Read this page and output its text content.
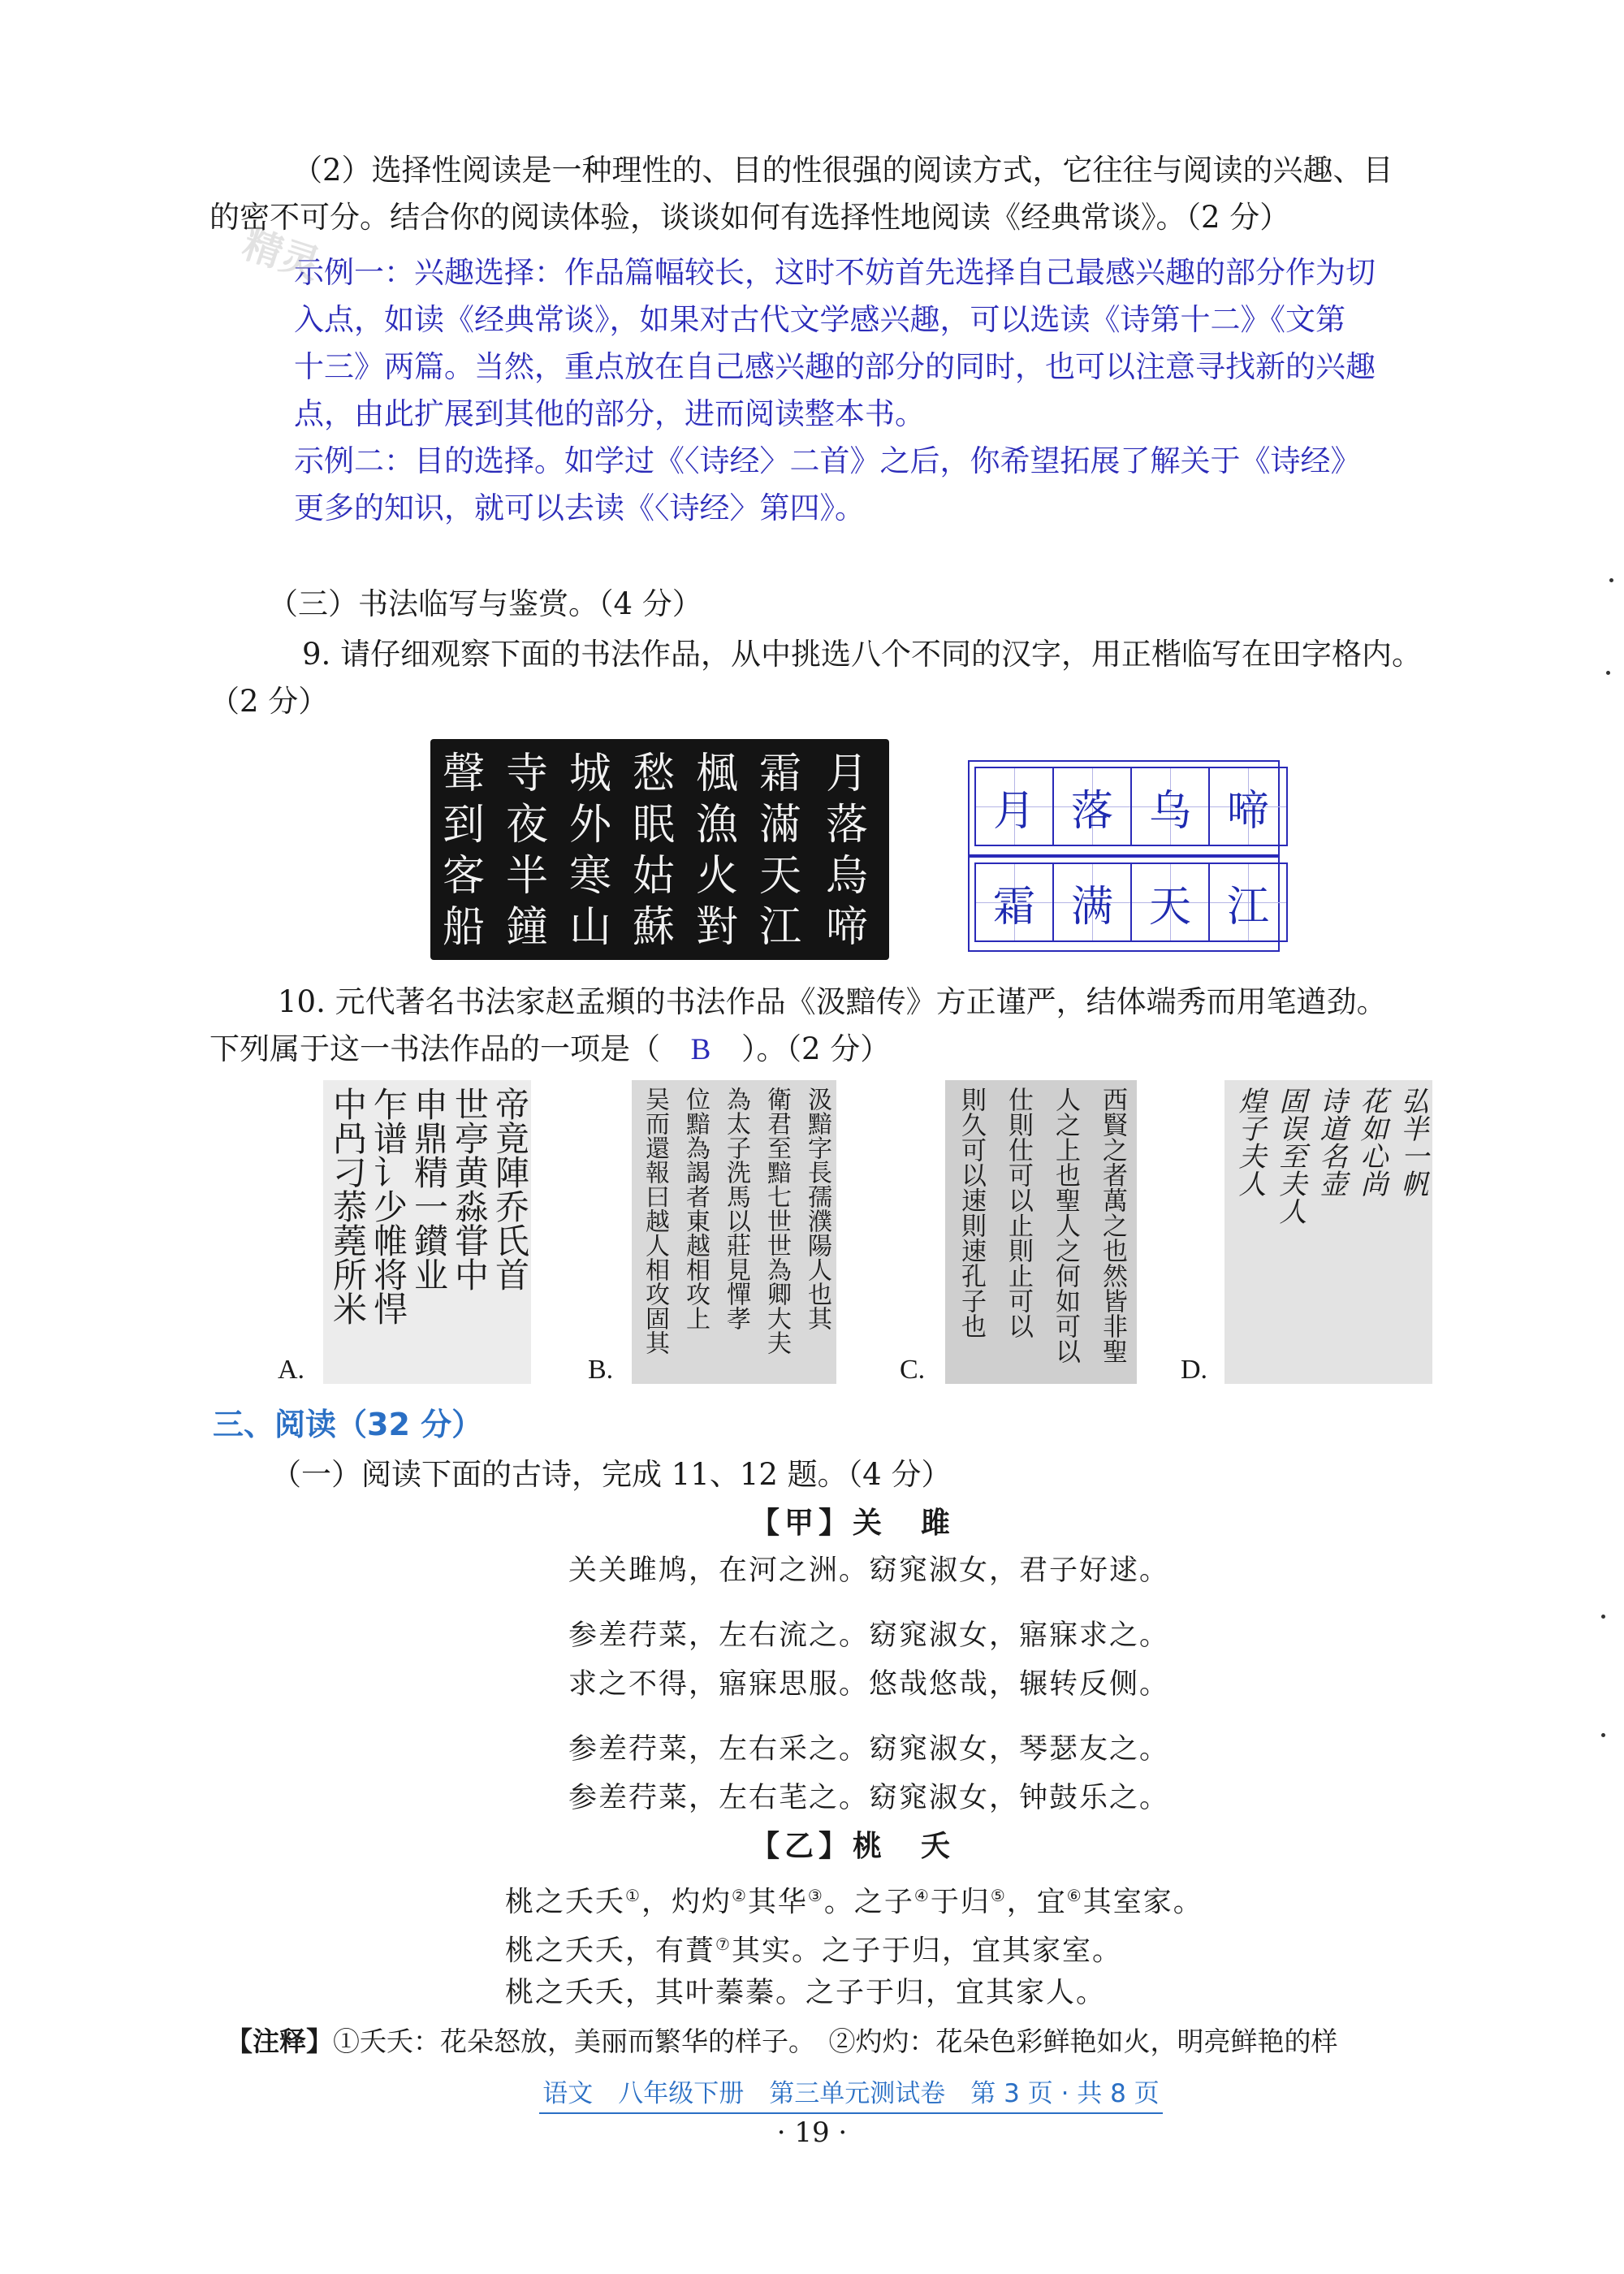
（2）选择性阅读是一种理性的、目的性很强的阅读方式，它往往与阅读的兴趣、目
的密不可分。结合你的阅读体验，谈谈如何有选择性地阅读《经典常谈》。（2 分）
示例一：兴趣选择：作品篇幅较长，这时不妨首先选择自己最感兴趣的部分作为切
入点，如读《经典常谈》，如果对古代文学感兴趣，可以选读《诗第十二》《文第
十三》两篇。当然，重点放在自己感兴趣的部分的同时，也可以注意寻找新的兴趣
点，由此扩展到其他的部分，进而阅读整本书。
示例二：目的选择。如学过《〈诗经〉二首》之后，你希望拓展了解关于《诗经》
更多的知识，就可以去读《〈诗经〉第四》。
精灵
（三）书法临写与鉴赏。（4 分）
9. 请仔细观察下面的书法作品，从中挑选八个不同的汉字，用正楷临写在田字格内。
（2 分）
聲
到
客
船
寺
夜
半
鐘
城
外
寒
山
愁
眠
姑
蘇
楓
漁
火
對
霜
滿
天
江
月
落
烏
啼
月 落 乌 啼
霜 满 天 江
10. 元代著名书法家赵孟頫的书法作品《汲黯传》方正谨严，结体端秀而用笔遒劲。
下列属于这一书法作品的一项是（ B ）。（2 分）
中冎刁菾蕘所米 乍谱讠少帷将悍 申鼎精一鑚业 世亭黄淼甞中 帝竟陣乔氏首
A.
吴而還報曰越人相攻固其 位黯為謁者東越相攻上 為太子洗馬以莊見憚孝 衛君至黯七世世為卿大夫 汲黯字長孺濮陽人也其
B.
則久可以速則速孔子也 仕則仕可以止則止可以 人之上也聖人之何如可以 西賢之者萬之也然皆非聖
C.
煌子夫人 固误至夫人 诗道名壶 花如心尚 弘半一帆
D.
三、阅读（32 分）
（一）阅读下面的古诗，完成 11、12 题。（4 分）
【甲】关　雎
关关雎鸠，在河之洲。窈窕淑女，君子好逑。
参差荇菜，左右流之。窈窕淑女，寤寐求之。
求之不得，寤寐思服。悠哉悠哉，辗转反侧。
参差荇菜，左右采之。窈窕淑女，琴瑟友之。
参差荇菜，左右芼之。窈窕淑女，钟鼓乐之。
【乙】桃　夭
桃之夭夭①，灼灼②其华③。之子④于归⑤，宜⑥其室家。
桃之夭夭，有蕡⑦其实。之子于归，宜其家室。
桃之夭夭，其叶蓁蓁。之子于归，宜其家人。
【注释】①夭夭：花朵怒放，美丽而繁华的样子。　②灼灼：花朵色彩鲜艳如火，明亮鲜艳的样
语文　八年级下册　第三单元测试卷　第 3 页 · 共 8 页
· 19 ·
